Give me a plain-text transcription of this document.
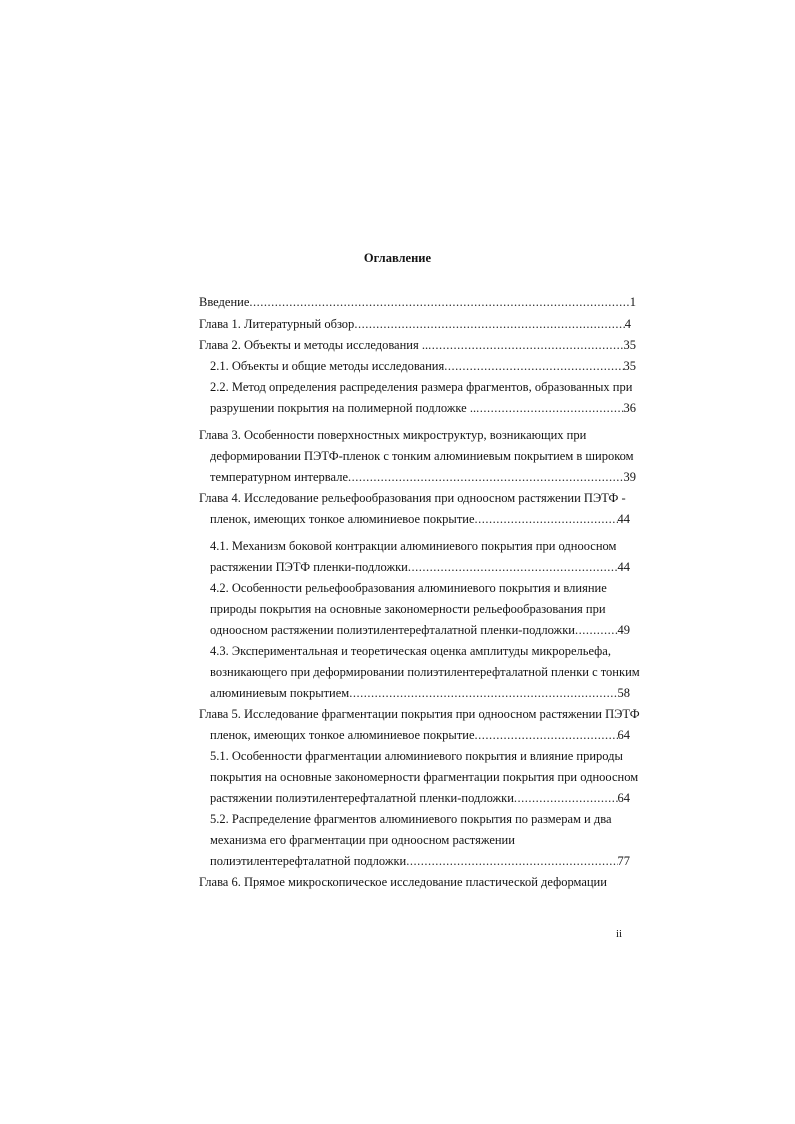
Оглавление
Введение .....	1
Глава 1. Литературный обзор .....	4
Глава 2. Объекты и методы исследования .. .....	35
2.1. Объекты и общие методы исследования .....	35
2.2. Метод определения распределения размера фрагментов, образованных при
разрушении покрытия на полимерной подложке .. .....	36
Глава 3. Особенности поверхностных микроструктур, возникающих при
деформировании ПЭТФ-пленок с тонким алюминиевым покрытием в широком
температурном интервале .....	39
Глава 4. Исследование рельефообразования при одноосном растяжении ПЭТФ -
пленок, имеющих тонкое алюминиевое покрытие .....	44
4.1. Механизм боковой контракции алюминиевого покрытия при одноосном
растяжении ПЭТФ пленки-подложки .....	44
4.2. Особенности рельефообразования алюминиевого покрытия и влияние
природы покрытия на основные закономерности рельефообразования при
одноосном растяжении полиэтилентерефталатной пленки-подложки .....	49
4.3. Экспериментальная и теоретическая оценка амплитуды микрорельефа,
возникающего при деформировании полиэтилентерефталатной пленки с тонким
алюминиевым покрытием .....	58
Глава 5. Исследование фрагментации покрытия при одноосном растяжении ПЭТФ
пленок, имеющих тонкое алюминиевое покрытие .....	64
5.1. Особенности фрагментации алюминиевого покрытия и влияние природы
покрытия на основные закономерности фрагментации покрытия при одноосном
растяжении полиэтилентерефталатной пленки-подложки .....	64
5.2. Распределение фрагментов алюминиевого покрытия по размерам и два
механизма его фрагментации при одноосном растяжении
полиэтилентерефталатной подложки .....	77
Глава 6. Прямое микроскопическое исследование пластической деформации
ii
